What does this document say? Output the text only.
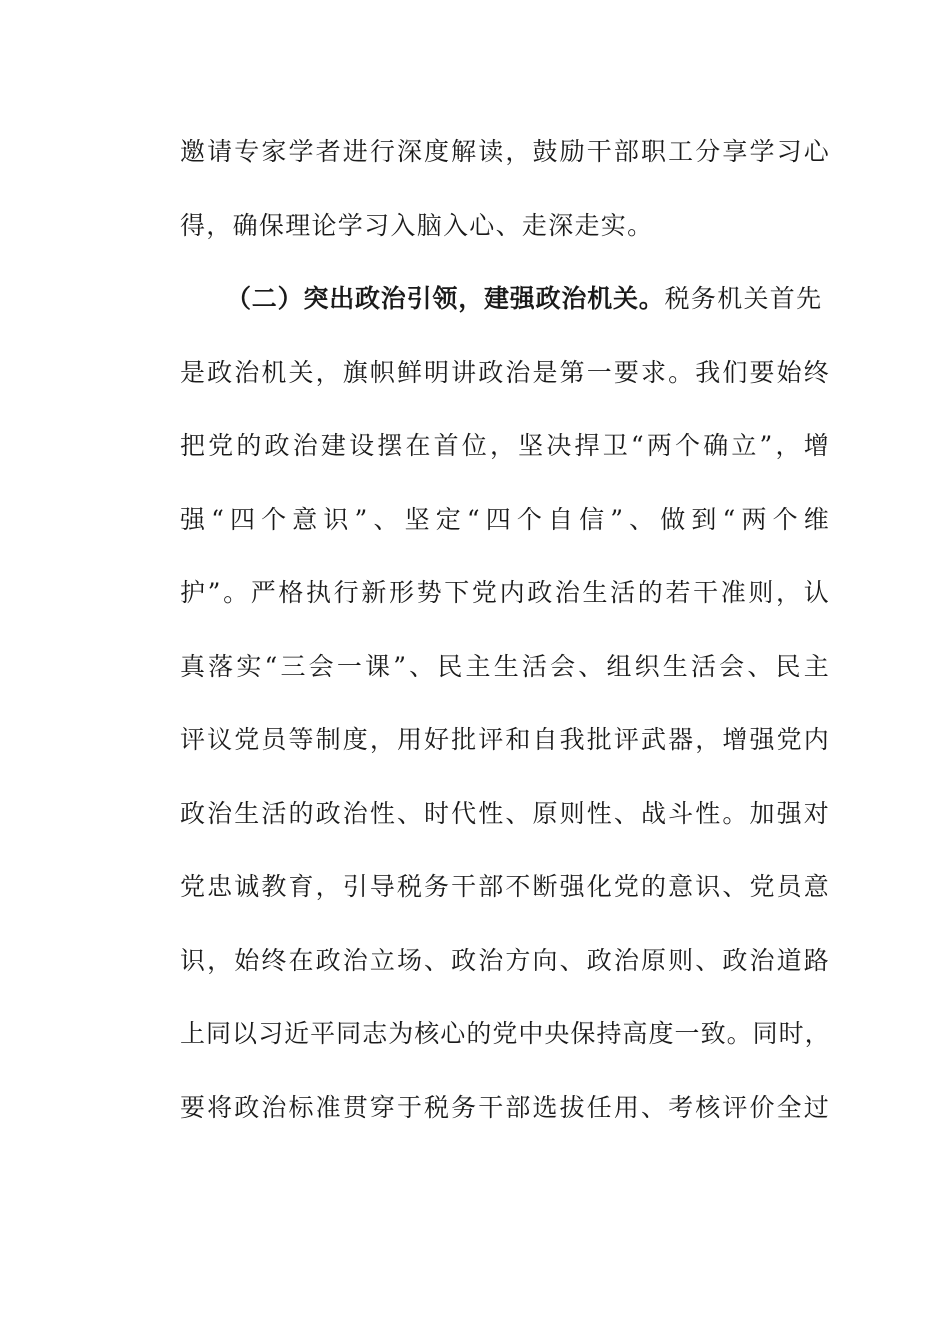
邀请专家学者进行深度解读，鼓励干部职工分享学习心
得，确保理论学习入脑入心、走深走实。
（二）突出政治引领，建强政治机关。税务机关首先
是政治机关，旗帜鲜明讲政治是第一要求。我们要始终
把党的政治建设摆在首位，坚决捍卫“两个确立”，增
强“四个意识”、坚定“四个自信”、做到“两个维
护”。严格执行新形势下党内政治生活的若干准则，认
真落实“三会一课”、民主生活会、组织生活会、民主
评议党员等制度，用好批评和自我批评武器，增强党内
政治生活的政治性、时代性、原则性、战斗性。加强对
党忠诚教育，引导税务干部不断强化党的意识、党员意
识，始终在政治立场、政治方向、政治原则、政治道路
上同以习近平同志为核心的党中央保持高度一致。同时，
要将政治标准贯穿于税务干部选拔任用、考核评价全过
